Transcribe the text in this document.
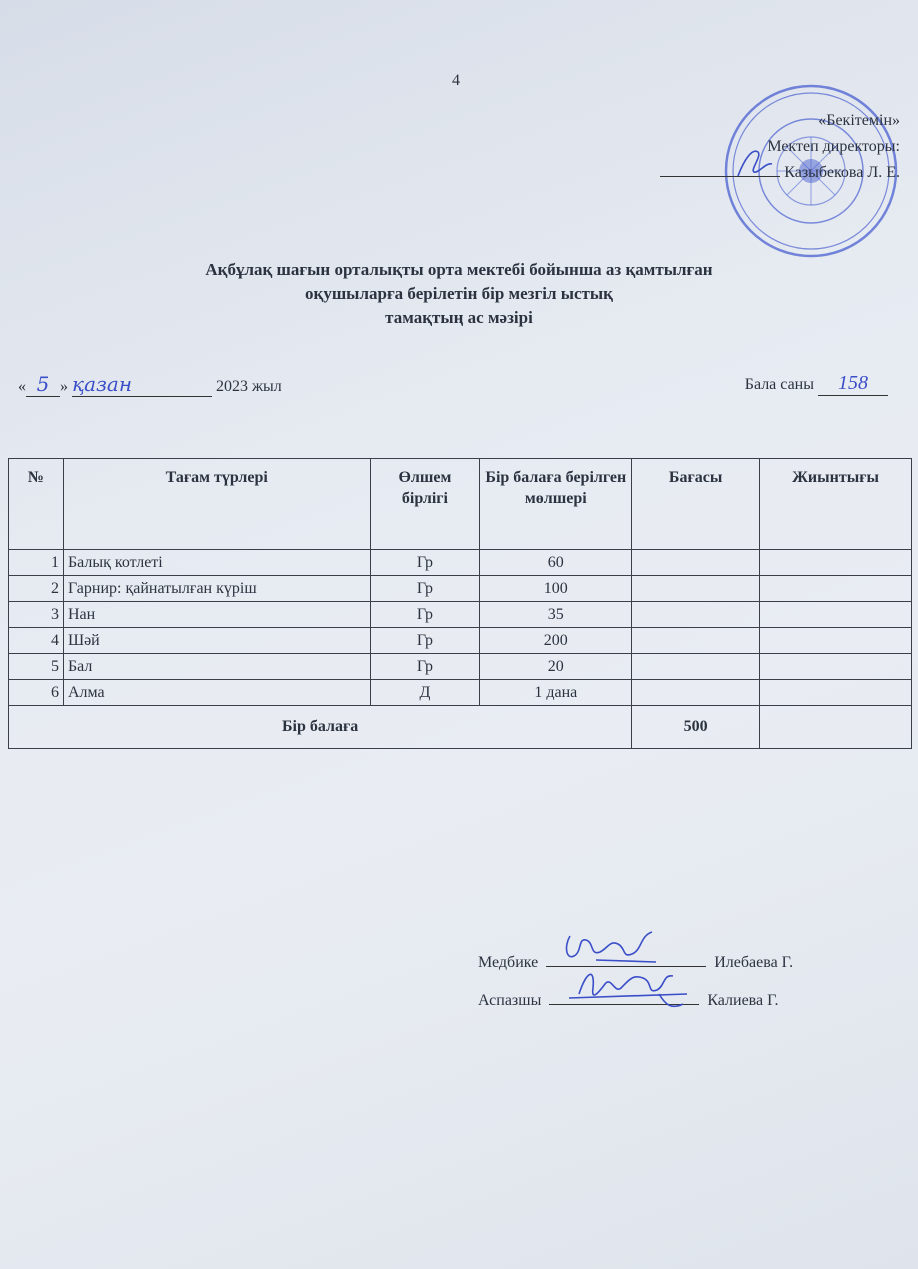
4
«Бекітемін»
Мектеп директоры:
Казыбекова Л. Е.
Ақбұлақ шағын орталықты орта мектебі бойынша аз қамтылған
оқушыларға берілетін бір мезгіл ыстық
тамақтың ас мәзірі
« 5 » қазан	2023 жыл	Бала саны 158
№	Тағам түрлері	Өлшем бірлігі	Бір балаға берілген мөлшері	Бағасы	Жиынтығы
1	Балық котлеті	Гр	60		
2	Гарнир: қайнатылған күріш	Гр	100		
3	Нан	Гр	35		
4	Шәй	Гр	200		
5	Бал	Гр	20		
6	Алма	Д	1 дана		
Бір балаға				500	
Медбике	Илебаева Г.
Аспазшы	Калиева Г.
